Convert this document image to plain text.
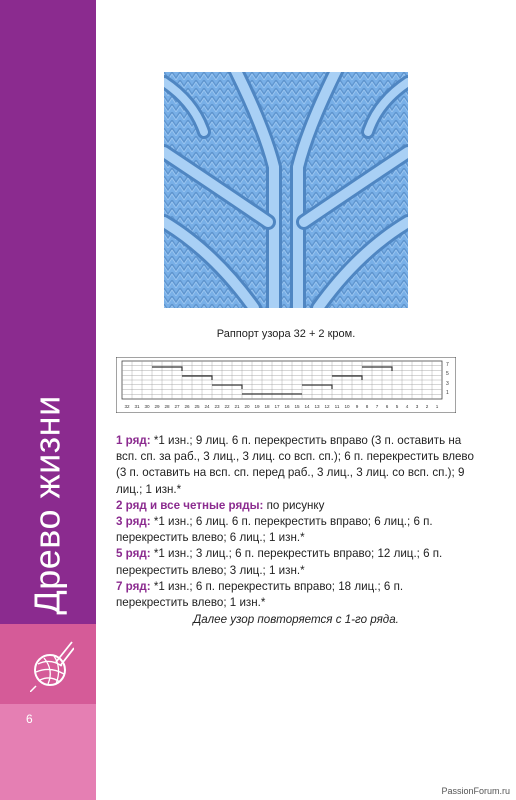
Древо жизни
6
Раппорт узора 32 + 2 кром.
7
5
3
1
32 31 30 29 28 27 26 25 24 23 22 21 20 19 18 17 16 15 14 13 12 11 10 9 8 7 6 5 4 3 2 1

1 ряд: *1 изн.; 9 лиц. 6 п. перекрестить вправо (3 п. оставить на всп. сп. за раб., 3 лиц., 3 лиц. со всп. сп.); 6 п. перекрестить влево (3 п. оставить на всп. сп. перед раб., 3 лиц., 3 лиц. со всп. сп.); 9 лиц.; 1 изн.*

2 ряд и все четные ряды: по рисунку

3 ряд: *1 изн.; 6 лиц. 6 п. перекрестить вправо; 6 лиц.; 6 п. перекрестить влево; 6 лиц.; 1 изн.*

5 ряд: *1 изн.; 3 лиц.; 6 п. перекрестить вправо; 12 лиц.; 6 п. перекрестить влево; 3 лиц.; 1 изн.*

7 ряд: *1 изн.; 6 п. перекрестить вправо; 18 лиц.; 6 п. перекрестить влево; 1 изн.*

Далее узор повторяется с 1-го ряда.
PassionForum.ru
